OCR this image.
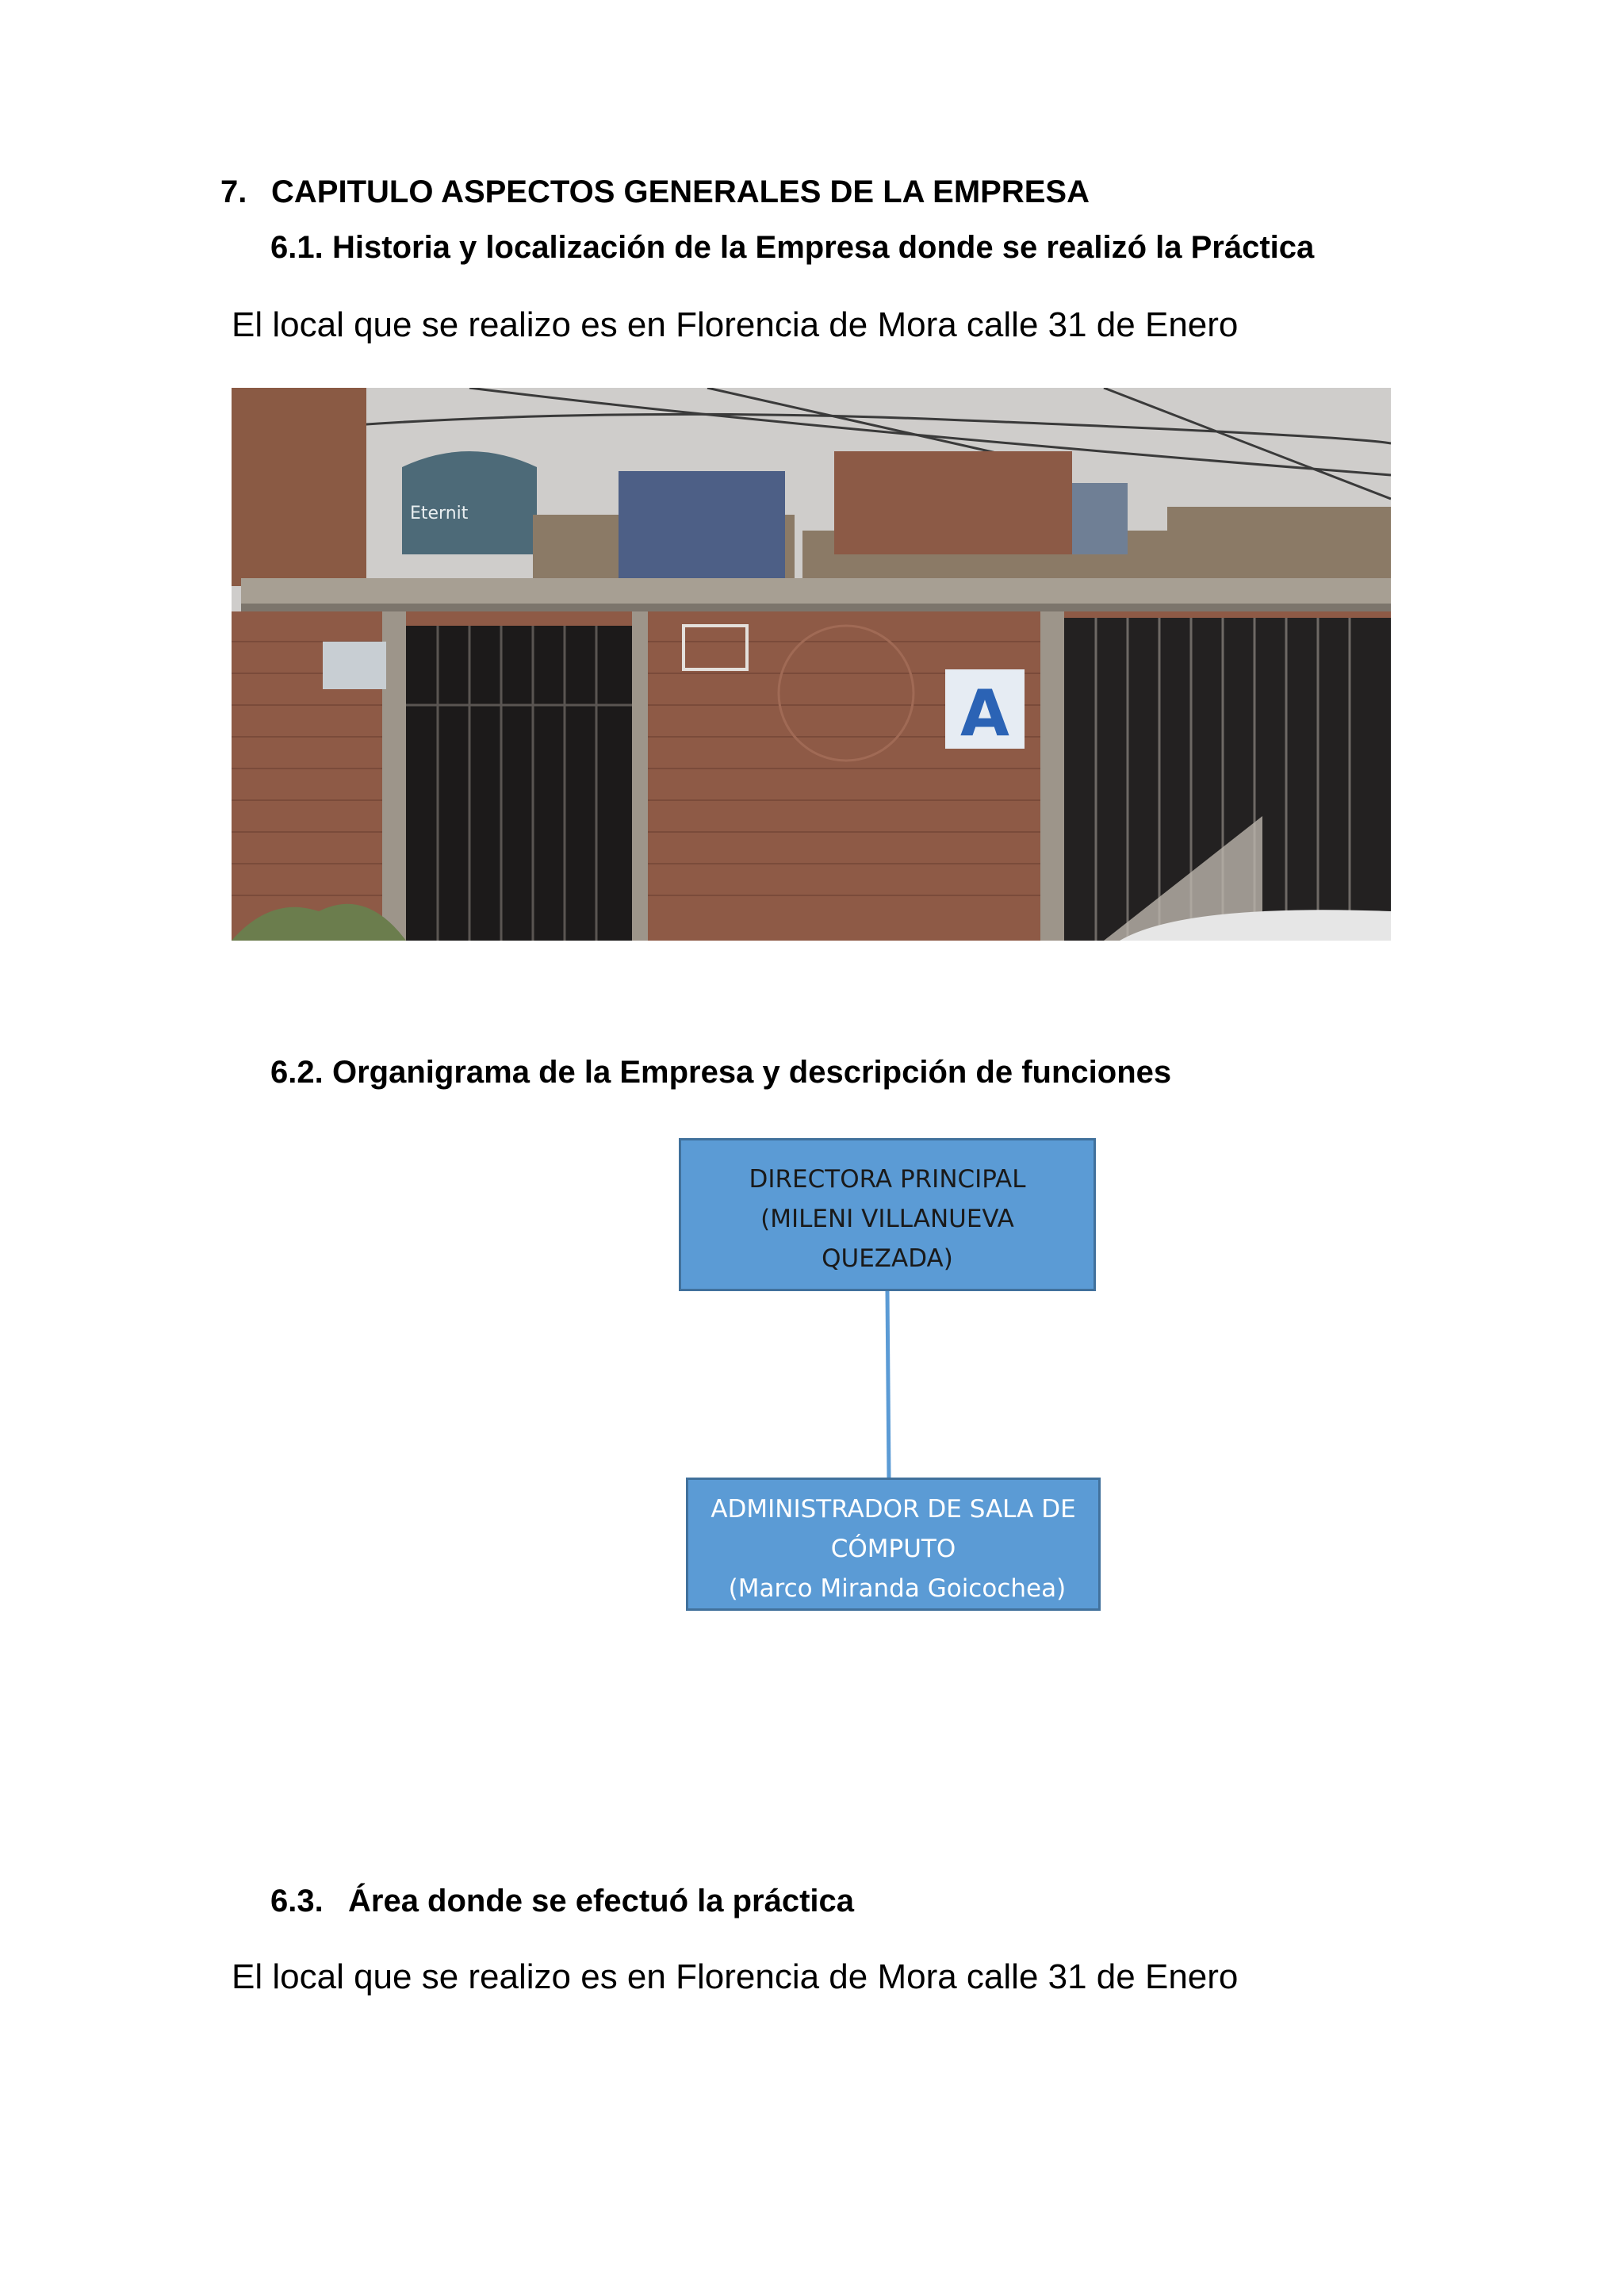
7. CAPITULO ASPECTOS GENERALES DE LA EMPRESA
6.1. Historia y localización de la Empresa donde se realizó la Práctica
El local que se realizo es en Florencia de Mora calle 31 de Enero
Eternit
A
6.2. Organigrama de la Empresa y descripción de funciones
DIRECTORA PRINCIPAL
(MILENI VILLANUEVA
QUEZADA)
ADMINISTRADOR DE SALA DE
CÓMPUTO
(Marco Miranda Goicochea)
6.3. Área donde se efectuó la práctica
El local que se realizo es en Florencia de Mora calle 31 de Enero
